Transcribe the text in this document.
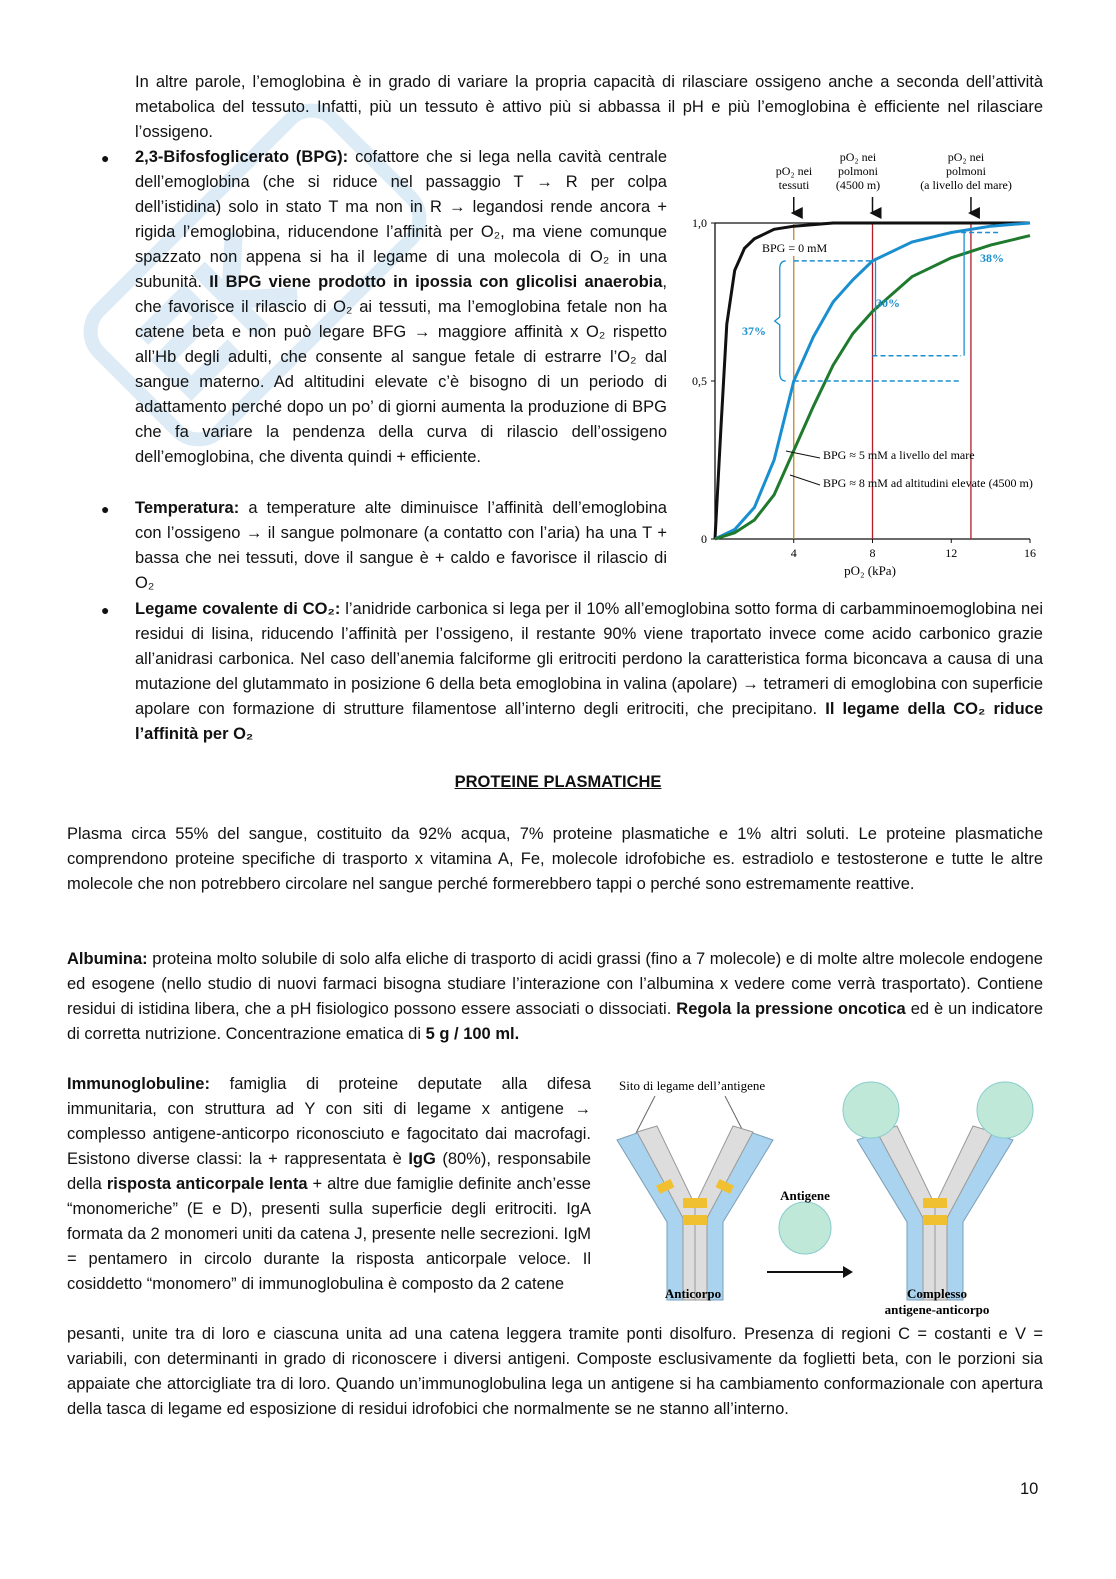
In altre parole, l’emoglobina è in grado di variare la propria capacità di rilasciare ossigeno anche a seconda dell’attività metabolica del tessuto. Infatti, più un tessuto è attivo più si abbassa il pH e più l’emoglobina è efficiente nel rilasciare l’ossigeno.
● 2,3-Bifosfoglicerato (BPG): cofattore che si lega nella cavità centrale dell’emoglobina (che si riduce nel passaggio T → R per colpa dell’istidina) solo in stato T ma non in R → legandosi rende ancora + rigida l’emoglobina, riducendone l’affinità per O₂, ma viene comunque spazzato non appena si ha il legame di una molecola di O₂ in una subunità. Il BPG viene prodotto in ipossia con glicolisi anaerobia, che favorisce il rilascio di O₂ ai tessuti, ma l’emoglobina fetale non ha catene beta e non può legare BFG → maggiore affinità x O₂ rispetto all’Hb degli adulti, che consente al sangue fetale di estrarre l’O₂ dal sangue materno. Ad altitudini elevate c’è bisogno di un periodo di adattamento perché dopo un po’ di giorni aumenta la produzione di BPG che fa variare la pendenza della curva di rilascio dell’ossigeno dell’emoglobina, che diventa quindi + efficiente.
● Temperatura: a temperature alte diminuisce l’affinità dell’emoglobina con l’ossigeno → il sangue polmonare (a contatto con l’aria) ha una T + bassa che nei tessuti, dove il sangue è + caldo e favorisce il rilascio di O₂
● Legame covalente di CO₂: l’anidride carbonica si lega per il 10% all’emoglobina sotto forma di carbamminoemoglobina nei residui di lisina, riducendo l’affinità per l’ossigeno, il restante 90% viene traportato invece come acido carbonico grazie all’anidrasi carbonica. Nel caso dell’anemia falciforme gli eritrociti perdono la caratteristica forma biconcava a causa di una mutazione del glutammato in posizione 6 della beta emoglobina in valina (apolare) → tetrameri di emoglobina con superficie apolare con formazione di strutture filamentose all’interno degli eritrociti, che precipitano. Il legame della CO₂ riduce l’affinità per O₂
0
0,5
1,0
4	8	12	16
pO₂ nei tessuti
pO₂ nei polmoni (4500 m)
pO₂ nei polmoni (a livello del mare)
37%
30%
38%
BPG = 0 mM
BPG ≈ 5 mM a livello del mare
BPG ≈ 8 mM ad altitudini elevate (4500 m)
pO₂ (kPa)
PROTEINE PLASMATICHE
Plasma circa 55% del sangue, costituito da 92% acqua, 7% proteine plasmatiche e 1% altri soluti. Le proteine plasmatiche comprendono proteine specifiche di trasporto x vitamina A, Fe, molecole idrofobiche es. estradiolo e testosterone e tutte le altre molecole che non potrebbero circolare nel sangue perché formerebbero tappi o perché sono estremamente reattive.
Albumina: proteina molto solubile di solo alfa eliche di trasporto di acidi grassi (fino a 7 molecole) e di molte altre molecole endogene ed esogene (nello studio di nuovi farmaci bisogna studiare l’interazione con l’albumina x vedere come verrà trasportato). Contiene residui di istidina libera, che a pH fisiologico possono essere associati o dissociati. Regola la pressione oncotica ed è un indicatore di corretta nutrizione. Concentrazione ematica di 5 g / 100 ml.
Immunoglobuline: famiglia di proteine deputate alla difesa immunitaria, con struttura ad Y con siti di legame x antigene → complesso antigene-anticorpo riconosciuto e fagocitato dai macrofagi. Esistono diverse classi: la + rappresentata è IgG (80%), responsabile della risposta anticorpale lenta + altre due famiglie definite anch’esse “monomeriche” (E e D), presenti sulla superficie degli eritrociti. IgA formata da 2 monomeri uniti da catena J, presente nelle secrezioni. IgM = pentamero in circolo durante la risposta anticorpale veloce. Il cosiddetto “monomero” di immunoglobulina è composto da 2 catene
pesanti, unite tra di loro e ciascuna unita ad una catena leggera tramite ponti disolfuro. Presenza di regioni C = costanti e V = variabili, con determinanti in grado di riconoscere i diversi antigeni. Composte esclusivamente da foglietti beta, con le porzioni sia appaiate che attorcigliate tra di loro. Quando un’immunoglobulina lega un antigene si ha cambiamento conformazionale con apertura della tasca di legame ed esposizione di residui idrofobici che normalmente se ne stanno all’interno.
Sito di legame dell’antigene
Antigene
Anticorpo	Complesso
antigene-anticorpo
10
